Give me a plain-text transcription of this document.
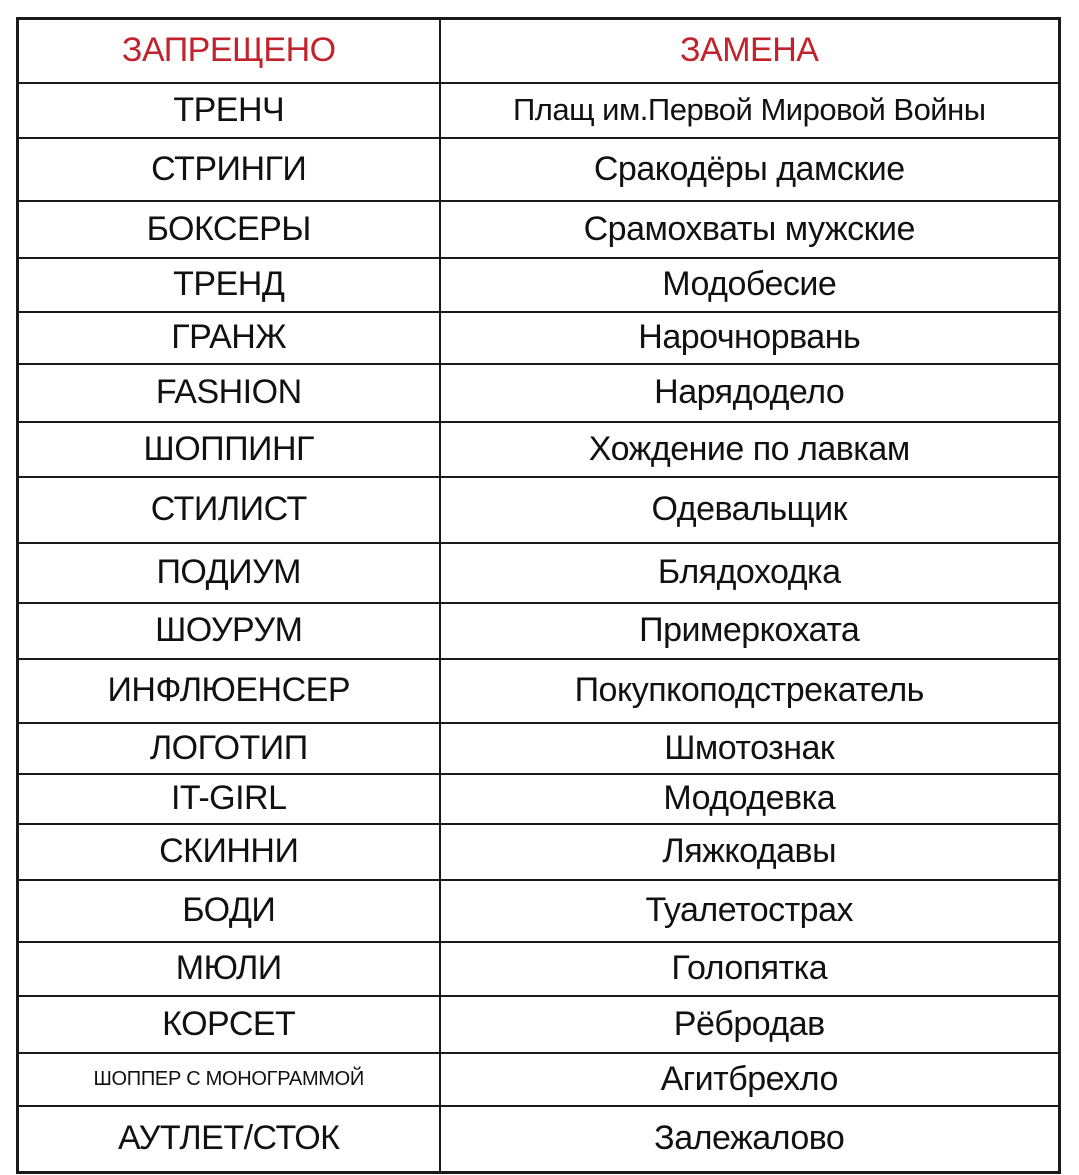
ЗАПРЕЩЕНО	ЗАМЕНА
ТРЕНЧ	Плащ им.Первой Мировой Войны
СТРИНГИ	Сракодёры дамские
БОКСЕРЫ	Срамохваты мужские
ТРЕНД	Модобесие
ГРАНЖ	Нарочнорвань
FASHION	Нарядодело
ШОППИНГ	Хождение по лавкам
СТИЛИСТ	Одевальщик
ПОДИУМ	Блядоходка
ШОУРУМ	Примеркохата
ИНФЛЮЕНСЕР	Покупкоподстрекатель
ЛОГОТИП	Шмотознак
IT-GIRL	Мододевка
СКИННИ	Ляжкодавы
БОДИ	Туалетострах
МЮЛИ	Голопятка
КОРСЕТ	Рёбродав
ШОППЕР С МОНОГРАММОЙ	Агитбрехло
АУТЛЕТ/СТОК	Залежалово
